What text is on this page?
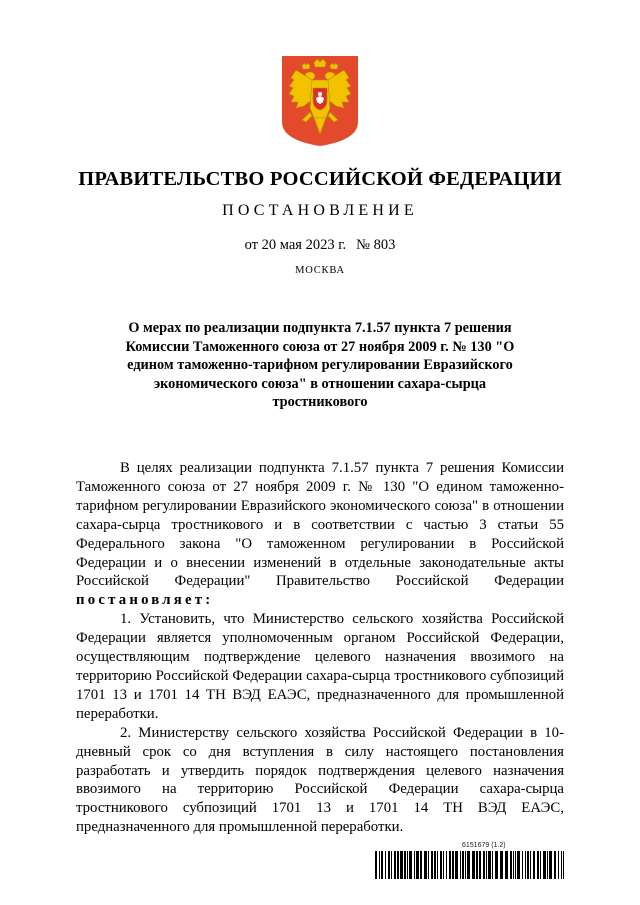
ПРАВИТЕЛЬСТВО РОССИЙСКОЙ ФЕДЕРАЦИИ
ПОСТАНОВЛЕНИЕ
от 20 мая 2023 г. № 803
МОСКВА
О мерах по реализации подпункта 7.1.57 пункта 7 решения Комиссии Таможенного союза от 27 ноября 2009 г. № 130 "О едином таможенно-тарифном регулировании Евразийского экономического союза" в отношении сахара-сырца тростникового

В целях реализации подпункта 7.1.57 пункта 7 решения Комиссии Таможенного союза от 27 ноября 2009 г. № 130 "О едином таможенно-тарифном регулировании Евразийского экономического союза" в отношении сахара-сырца тростникового и в соответствии с частью 3 статьи 55 Федерального закона "О таможенном регулировании в Российской Федерации и о внесении изменений в отдельные законодательные акты Российской Федерации" Правительство Российской Федерации постановляет:

1. Установить, что Министерство сельского хозяйства Российской Федерации является уполномоченным органом Российской Федерации, осуществляющим подтверждение целевого назначения ввозимого на территорию Российской Федерации сахара-сырца тростникового субпозиций 1701 13 и 1701 14 ТН ВЭД ЕАЭС, предназначенного для промышленной переработки.

2. Министерству сельского хозяйства Российской Федерации в 10-дневный срок со дня вступления в силу настоящего постановления разработать и утвердить порядок подтверждения целевого назначения ввозимого на территорию Российской Федерации сахара-сырца тростникового субпозиций 1701 13 и 1701 14 ТН ВЭД ЕАЭС, предназначенного для промышленной переработки.

6151679 (1.2)
